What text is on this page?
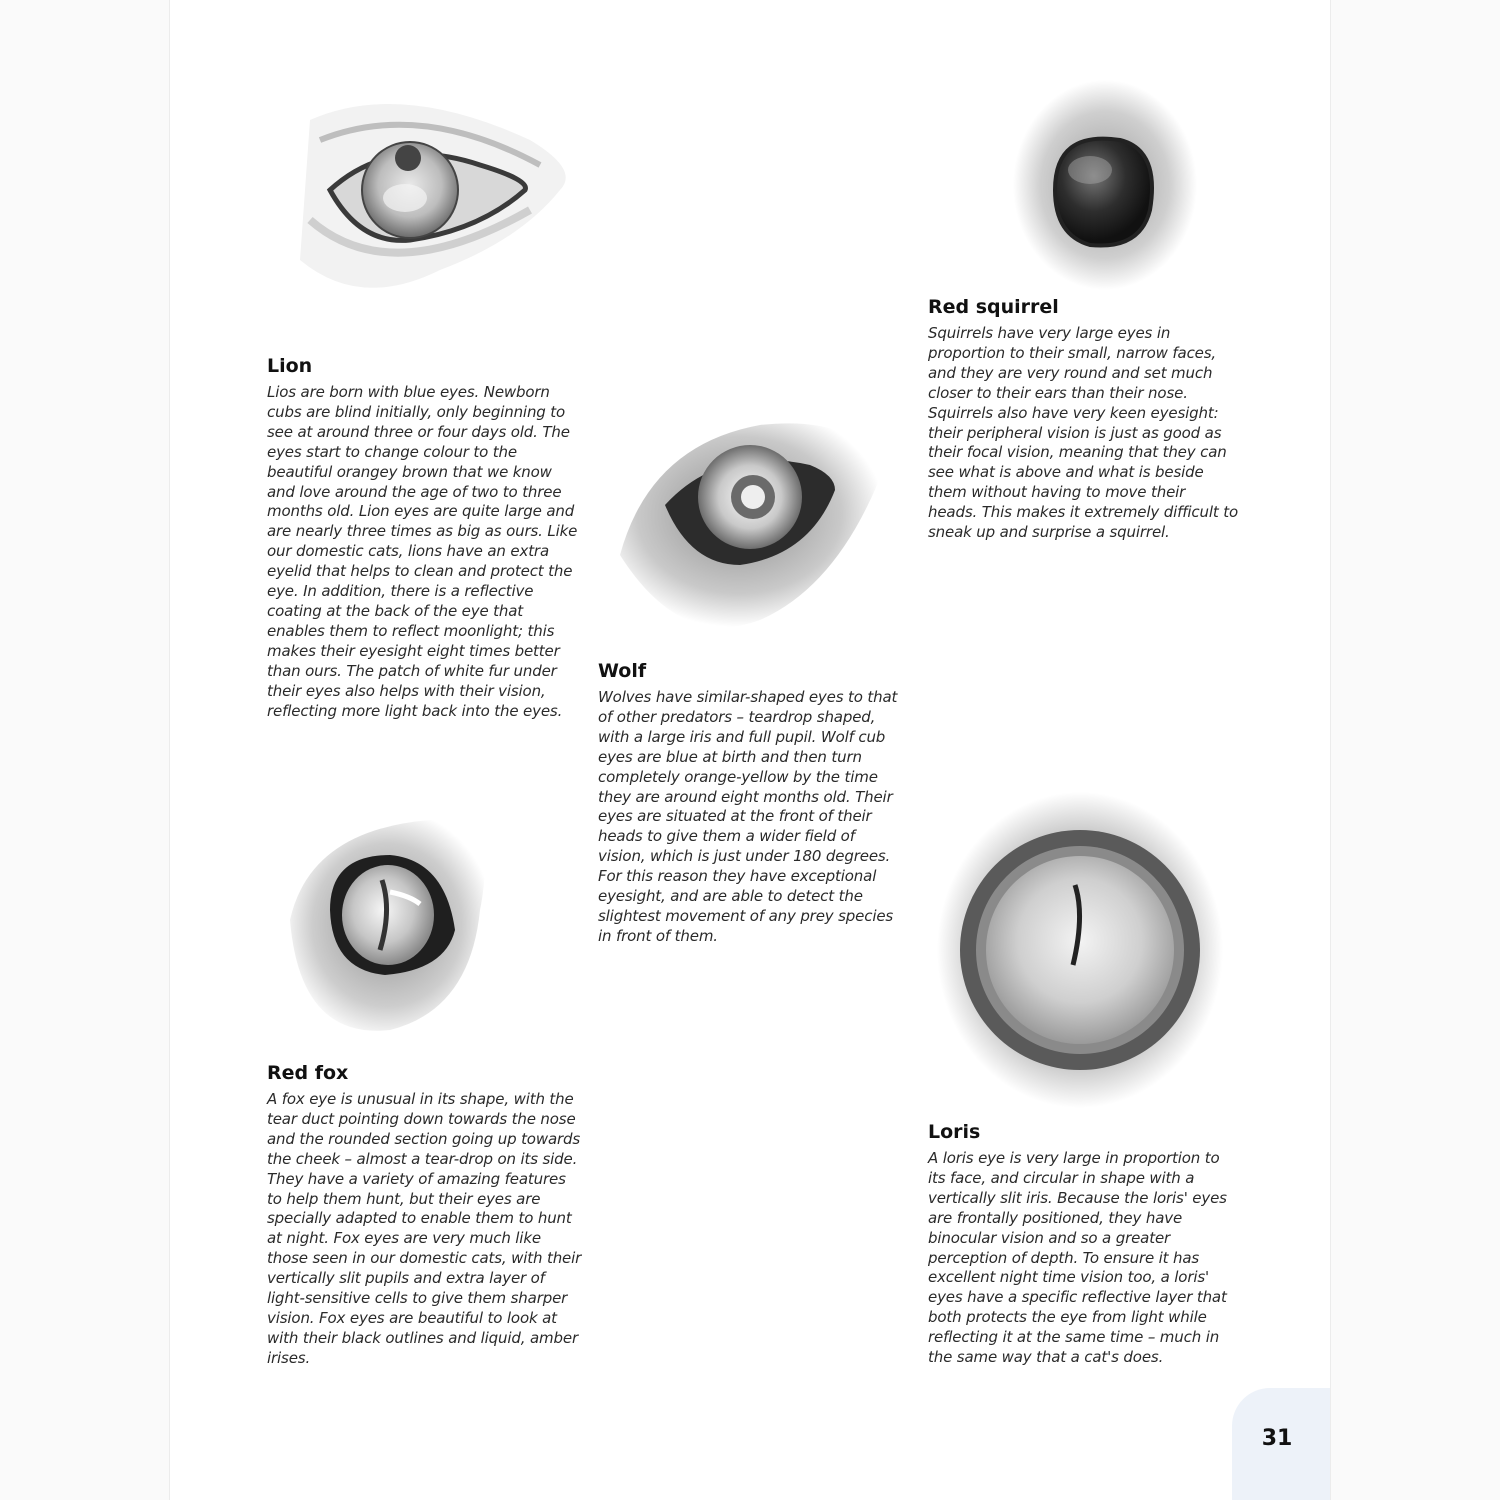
Lion

Lios are born with blue eyes. Newborn cubs are blind initially, only beginning to see at around three or four days old. The eyes start to change colour to the beautiful orangey brown that we know and love around the age of two to three months old. Lion eyes are quite large and are nearly three times as big as ours. Like our domestic cats, lions have an extra eyelid that helps to clean and protect the eye. In addition, there is a reflective coating at the back of the eye that enables them to reflect moonlight; this makes their eyesight eight times better than ours. The patch of white fur under their eyes also helps with their vision, reflecting more light back into the eyes.

Red squirrel

Squirrels have very large eyes in proportion to their small, narrow faces, and they are very round and set much closer to their ears than their nose. Squirrels also have very keen eyesight: their peripheral vision is just as good as their focal vision, meaning that they can see what is above and what is beside them without having to move their heads. This makes it extremely difficult to sneak up and surprise a squirrel.

Wolf

Wolves have similar-shaped eyes to that of other predators – teardrop shaped, with a large iris and full pupil. Wolf cub eyes are blue at birth and then turn completely orange-yellow by the time they are around eight months old. Their eyes are situated at the front of their heads to give them a wider field of vision, which is just under 180 degrees. For this reason they have exceptional eyesight, and are able to detect the slightest movement of any prey species in front of them.

Red fox

A fox eye is unusual in its shape, with the tear duct pointing down towards the nose and the rounded section going up towards the cheek – almost a tear-drop on its side. They have a variety of amazing features to help them hunt, but their eyes are specially adapted to enable them to hunt at night. Fox eyes are very much like those seen in our domestic cats, with their vertically slit pupils and extra layer of light-sensitive cells to give them sharper vision. Fox eyes are beautiful to look at with their black outlines and liquid, amber irises.

Loris

A loris eye is very large in proportion to its face, and circular in shape with a vertically slit iris. Because the loris' eyes are frontally positioned, they have binocular vision and so a greater perception of depth. To ensure it has excellent night time vision too, a loris' eyes have a specific reflective layer that both protects the eye from light while reflecting it at the same time – much in the same way that a cat's does.

31
